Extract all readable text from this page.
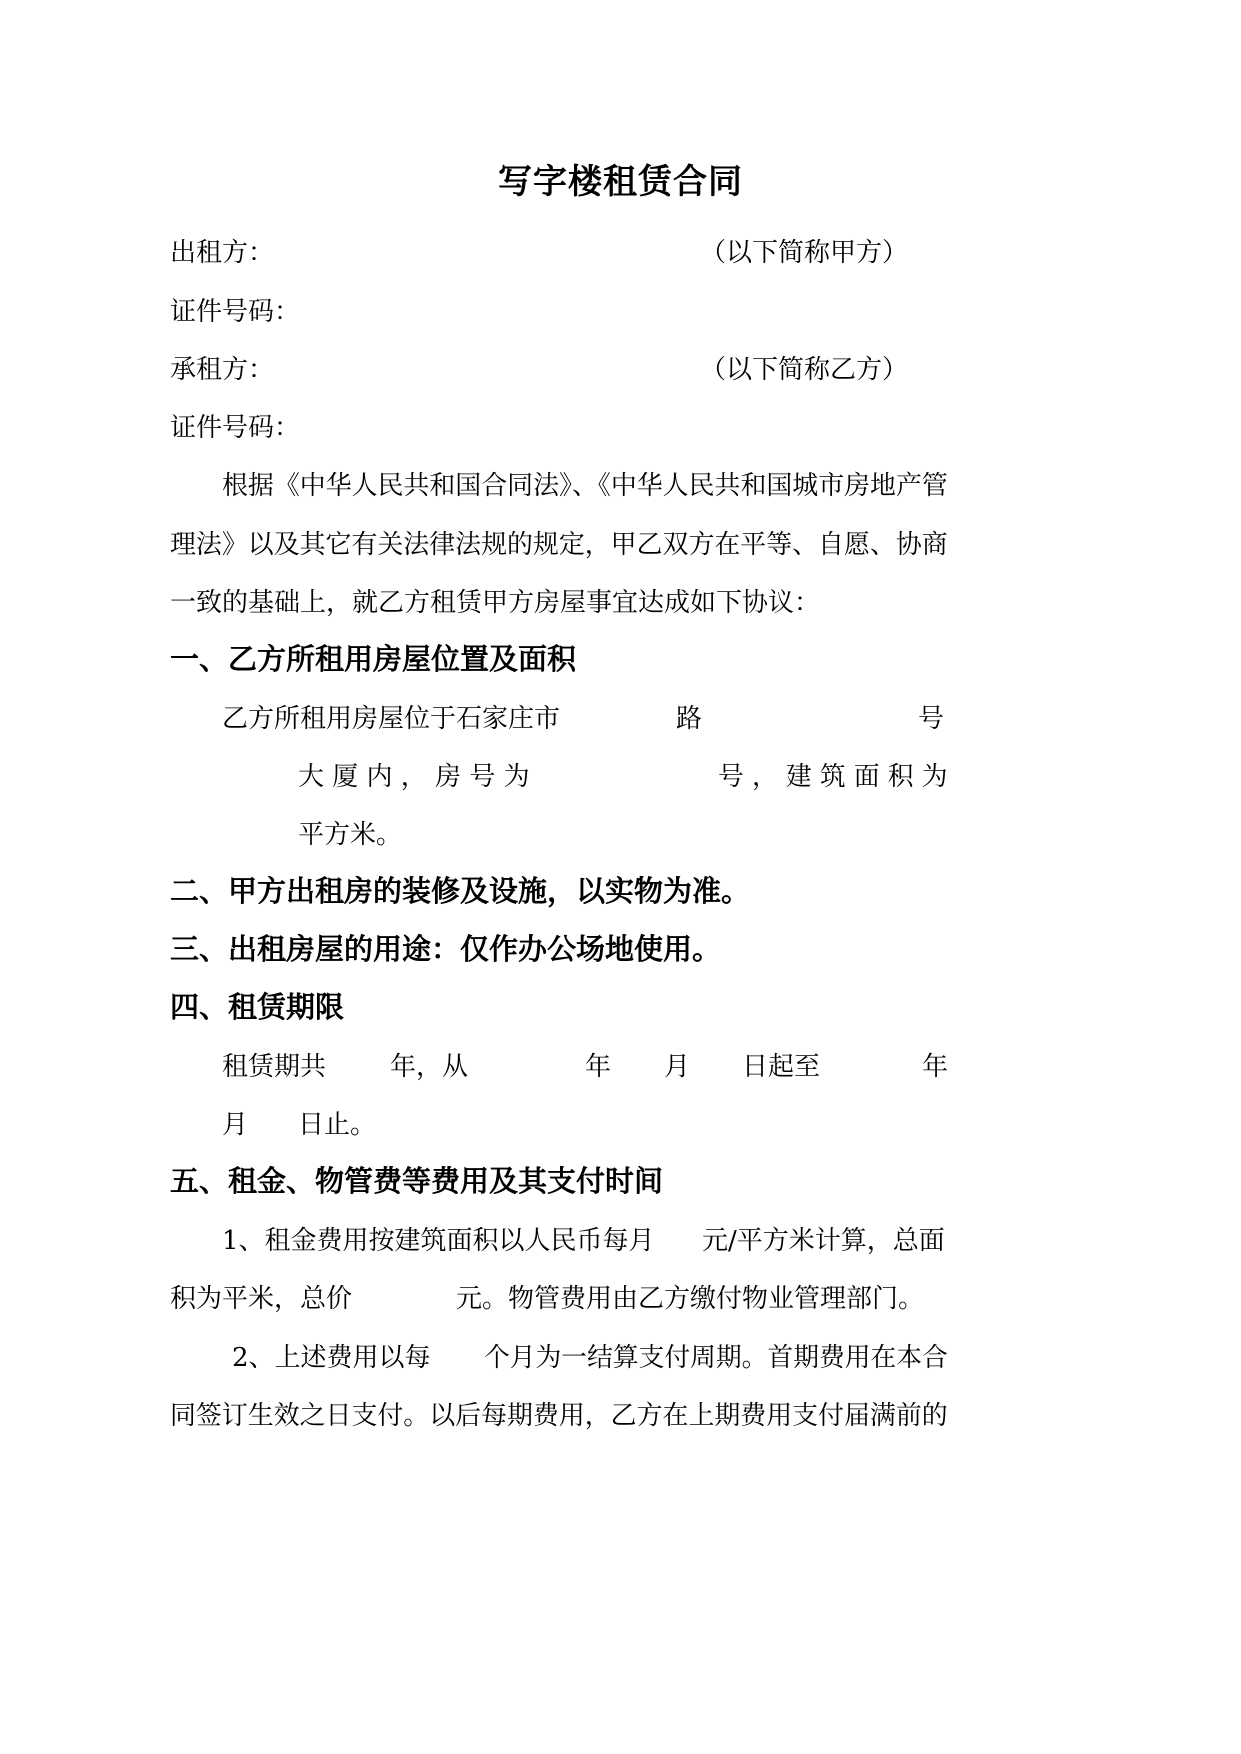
写字楼租赁合同
出租方：	（以下简称甲方）
证件号码：
承租方：	（以下简称乙方）
证件号码：
根据《中华人民共和国合同法》、《中华人民共和国城市房地产管
理法》以及其它有关法律法规的规定，甲乙双方在平等、自愿、协商
一致的基础上，就乙方租赁甲方房屋事宜达成如下协议：
一、乙方所租用房屋位置及面积
乙方所租用房屋位于石家庄市	路	号
大 厦 内 ， 房 号 为	号 ， 建 筑 面 积 为
平方米。
二、甲方出租房的装修及设施，以实物为准。
三、出租房屋的用途：仅作办公场地使用。
四、租赁期限
租赁期共 年，从	年 月 日起至	年
月 日止。
五、租金、物管费等费用及其支付时间
1、租金费用按建筑面积以人民币每月 元/平方米计算，总面
积为平米，总价	元。物管费用由乙方缴付物业管理部门。
2、上述费用以每 个月为一结算支付周期。首期费用在本合
同签订生效之日支付。以后每期费用，乙方在上期费用支付届满前的
